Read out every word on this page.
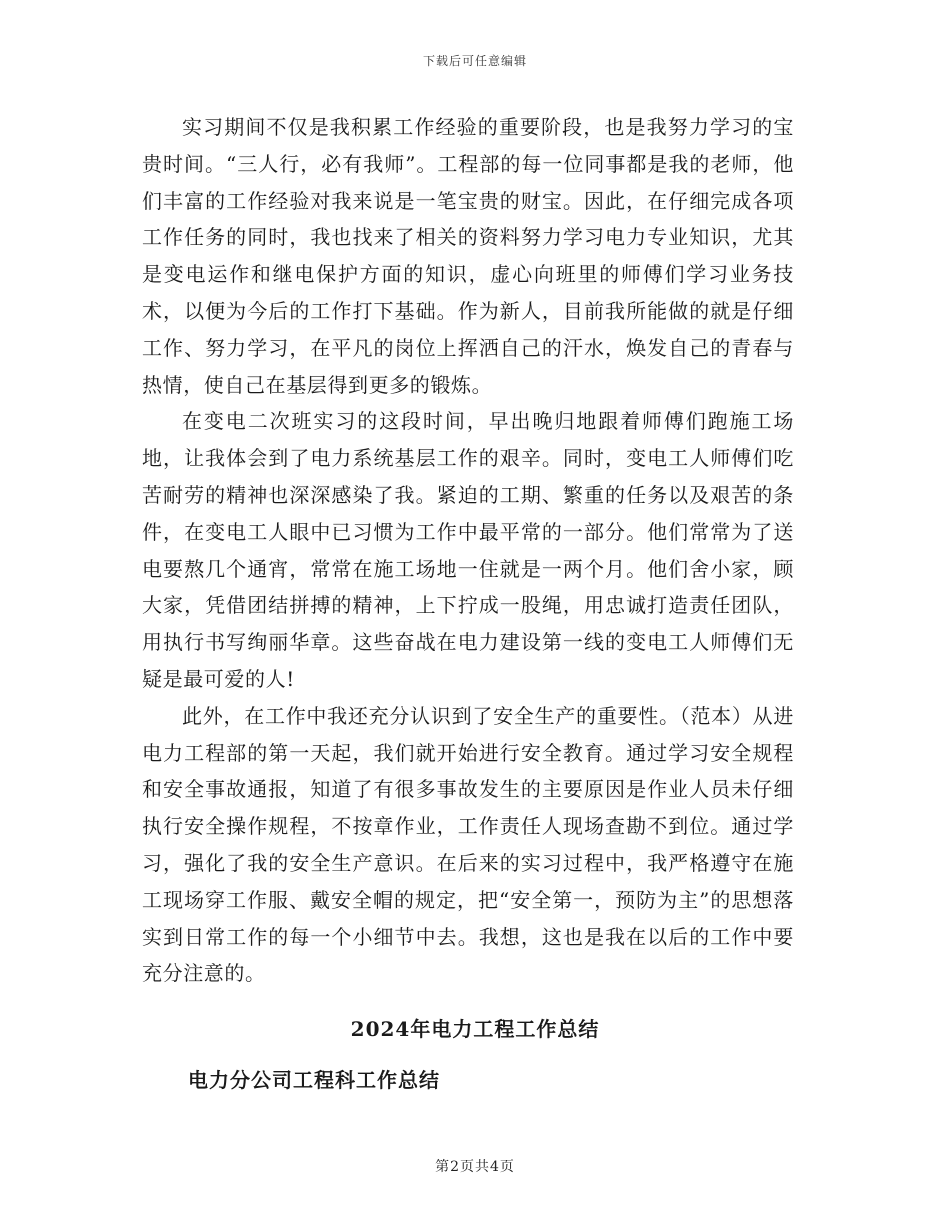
下载后可任意编辑

实习期间不仅是我积累工作经验的重要阶段，也是我努力学习的宝贵时间。“三人行，必有我师”。工程部的每一位同事都是我的老师，他们丰富的工作经验对我来说是一笔宝贵的财宝。因此，在仔细完成各项工作任务的同时，我也找来了相关的资料努力学习电力专业知识，尤其是变电运作和继电保护方面的知识，虚心向班里的师傅们学习业务技术，以便为今后的工作打下基础。作为新人，目前我所能做的就是仔细工作、努力学习，在平凡的岗位上挥洒自己的汗水，焕发自己的青春与热情，使自己在基层得到更多的锻炼。

在变电二次班实习的这段时间，早出晚归地跟着师傅们跑施工场地，让我体会到了电力系统基层工作的艰辛。同时，变电工人师傅们吃苦耐劳的精神也深深感染了我。紧迫的工期、繁重的任务以及艰苦的条件，在变电工人眼中已习惯为工作中最平常的一部分。他们常常为了送电要熬几个通宵，常常在施工场地一住就是一两个月。他们舍小家，顾大家，凭借团结拼搏的精神，上下拧成一股绳，用忠诚打造责任团队，用执行书写绚丽华章。这些奋战在电力建设第一线的变电工人师傅们无疑是最可爱的人!

此外，在工作中我还充分认识到了安全生产的重要性。（范本）从进电力工程部的第一天起，我们就开始进行安全教育。通过学习安全规程和安全事故通报，知道了有很多事故发生的主要原因是作业人员未仔细执行安全操作规程，不按章作业，工作责任人现场查勘不到位。通过学习，强化了我的安全生产意识。在后来的实习过程中，我严格遵守在施工现场穿工作服、戴安全帽的规定，把“安全第一，预防为主”的思想落实到日常工作的每一个小细节中去。我想，这也是我在以后的工作中要充分注意的。

2024年电力工程工作总结
电力分公司工程科工作总结
第2页共4页
